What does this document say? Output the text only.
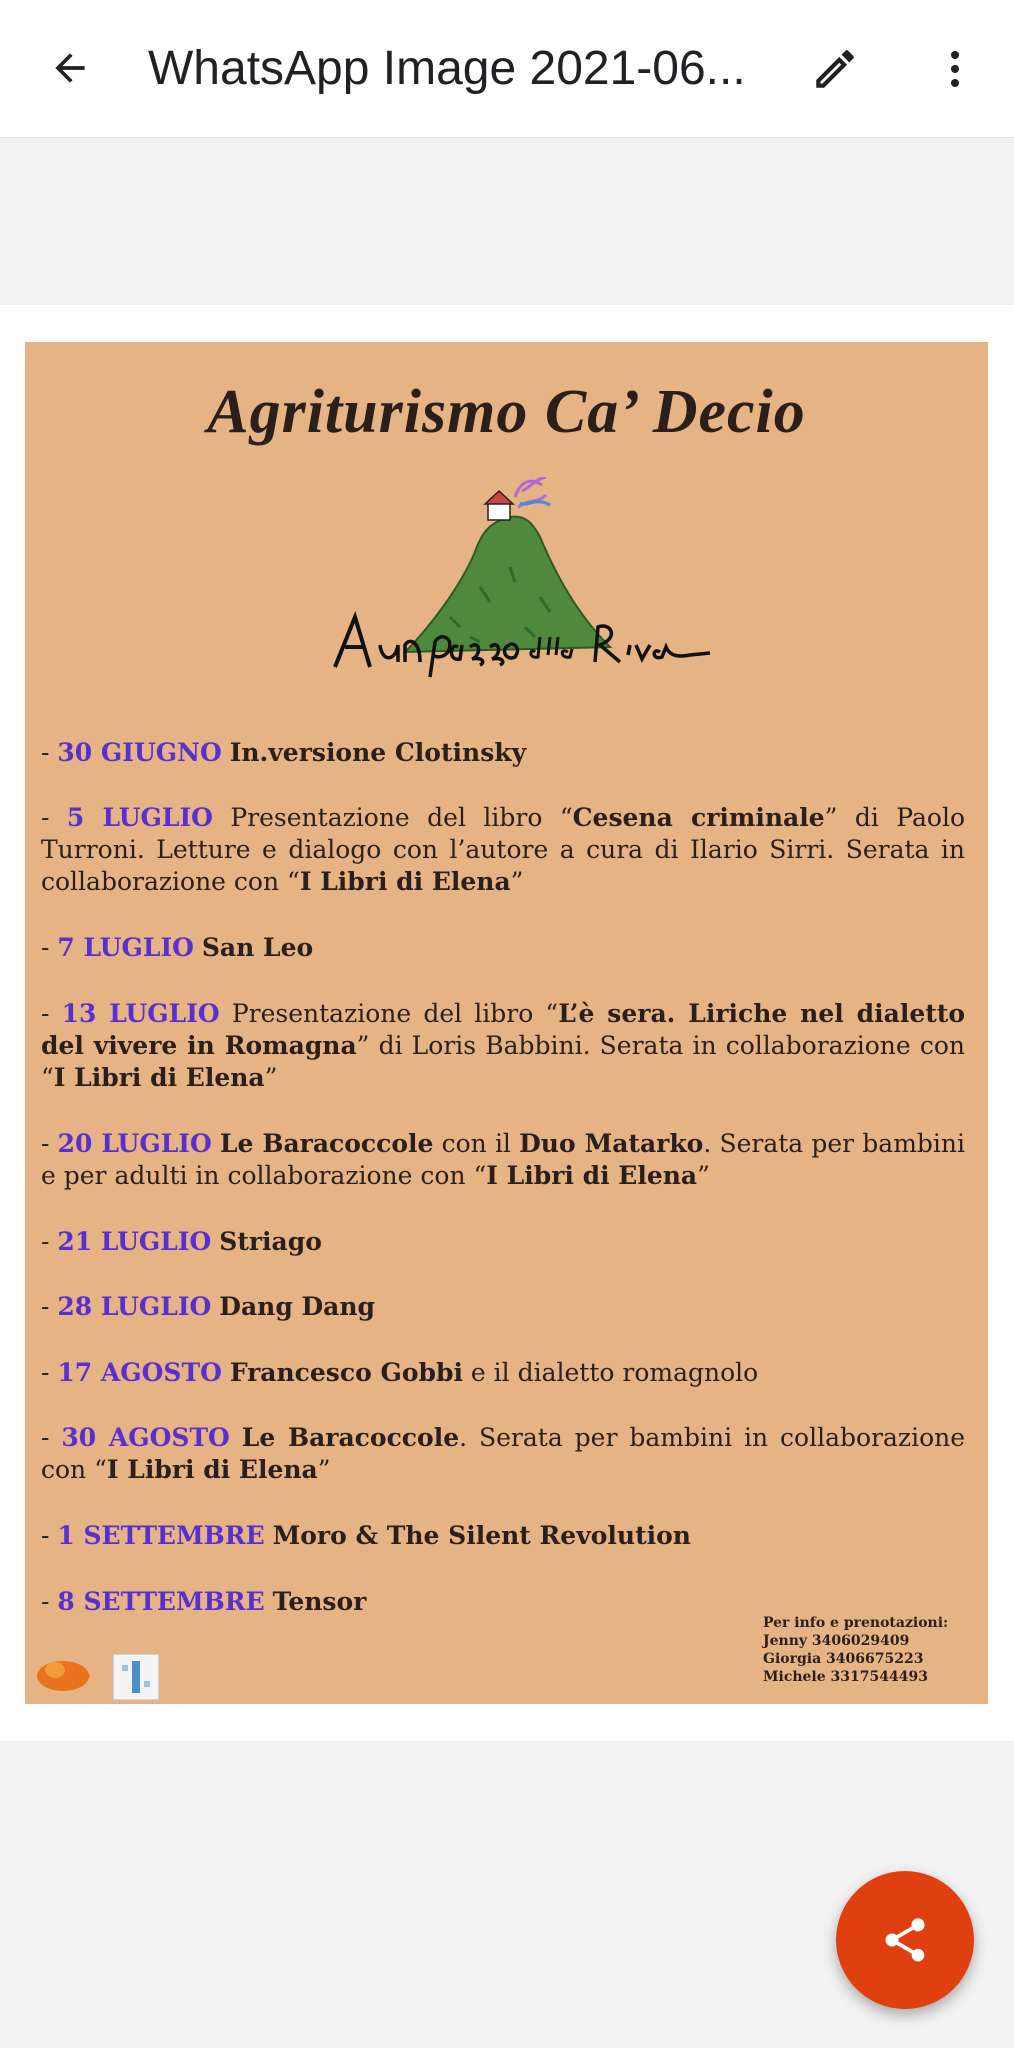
WhatsApp Image 2021-06...
Agriturismo Ca’ Decio
- 30 GIUGNO In.versione Clotinsky
- 5 LUGLIO Presentazione del libro “Cesena criminale” di Paolo Turroni. Letture e dialogo con l’autore a cura di Ilario Sirri. Serata in collaborazione con “I Libri di Elena”
- 7 LUGLIO San Leo
- 13 LUGLIO Presentazione del libro “L’è sera. Liriche nel dialetto del vivere in Romagna” di Loris Babbini. Serata in collaborazione con “I Libri di Elena”
- 20 LUGLIO Le Baracoccole con il Duo Matarko. Serata per bambini e per adulti in collaborazione con “I Libri di Elena”
- 21 LUGLIO Striago
- 28 LUGLIO Dang Dang
- 17 AGOSTO Francesco Gobbi e il dialetto romagnolo
- 30 AGOSTO Le Baracoccole. Serata per bambini in collaborazione con “I Libri di Elena”
- 1 SETTEMBRE Moro & The Silent Revolution
- 8 SETTEMBRE Tensor
Per info e prenotazioni:
Jenny 3406029409
Giorgia 3406675223
Michele 3317544493
